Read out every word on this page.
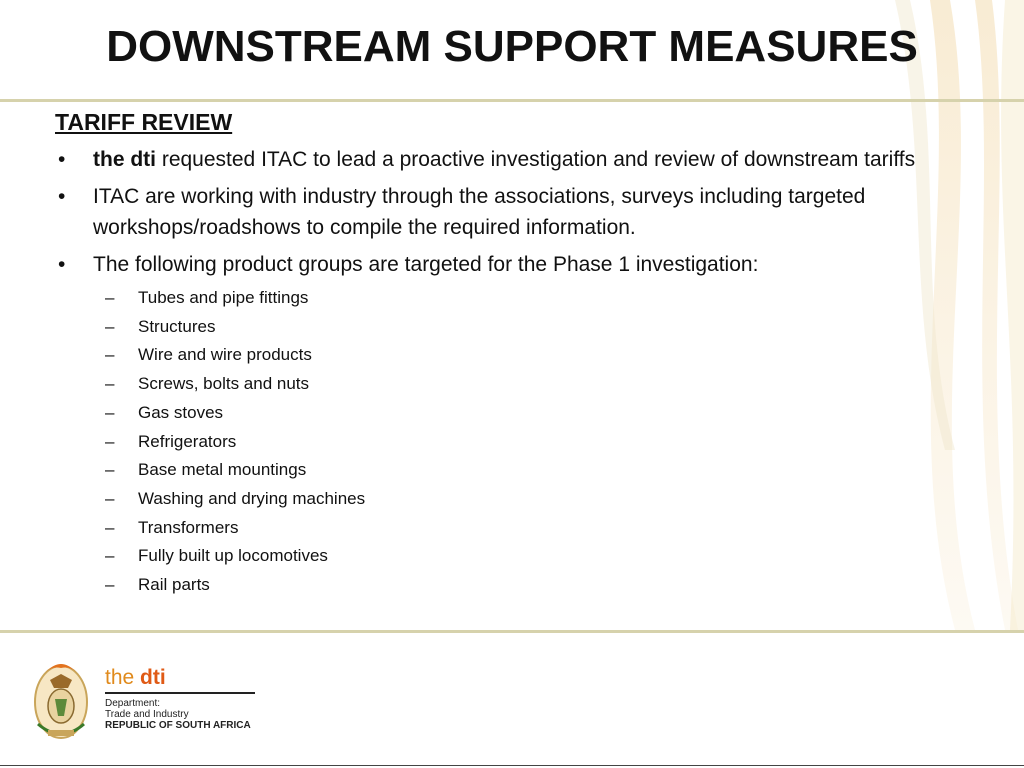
DOWNSTREAM SUPPORT MEASURES
TARIFF REVIEW
• the dti requested ITAC to lead a proactive investigation and review of downstream tariffs
• ITAC are working with industry through the associations, surveys including targeted workshops/roadshows to compile the required information.
• The following product groups are targeted for the Phase 1 investigation:
– Tubes and pipe fittings
– Structures
– Wire and wire products
– Screws, bolts and nuts
– Gas stoves
– Refrigerators
– Base metal mountings
– Washing and drying machines
– Transformers
– Fully built up locomotives
– Rail parts
the dti
Department:
Trade and Industry
REPUBLIC OF SOUTH AFRICA
